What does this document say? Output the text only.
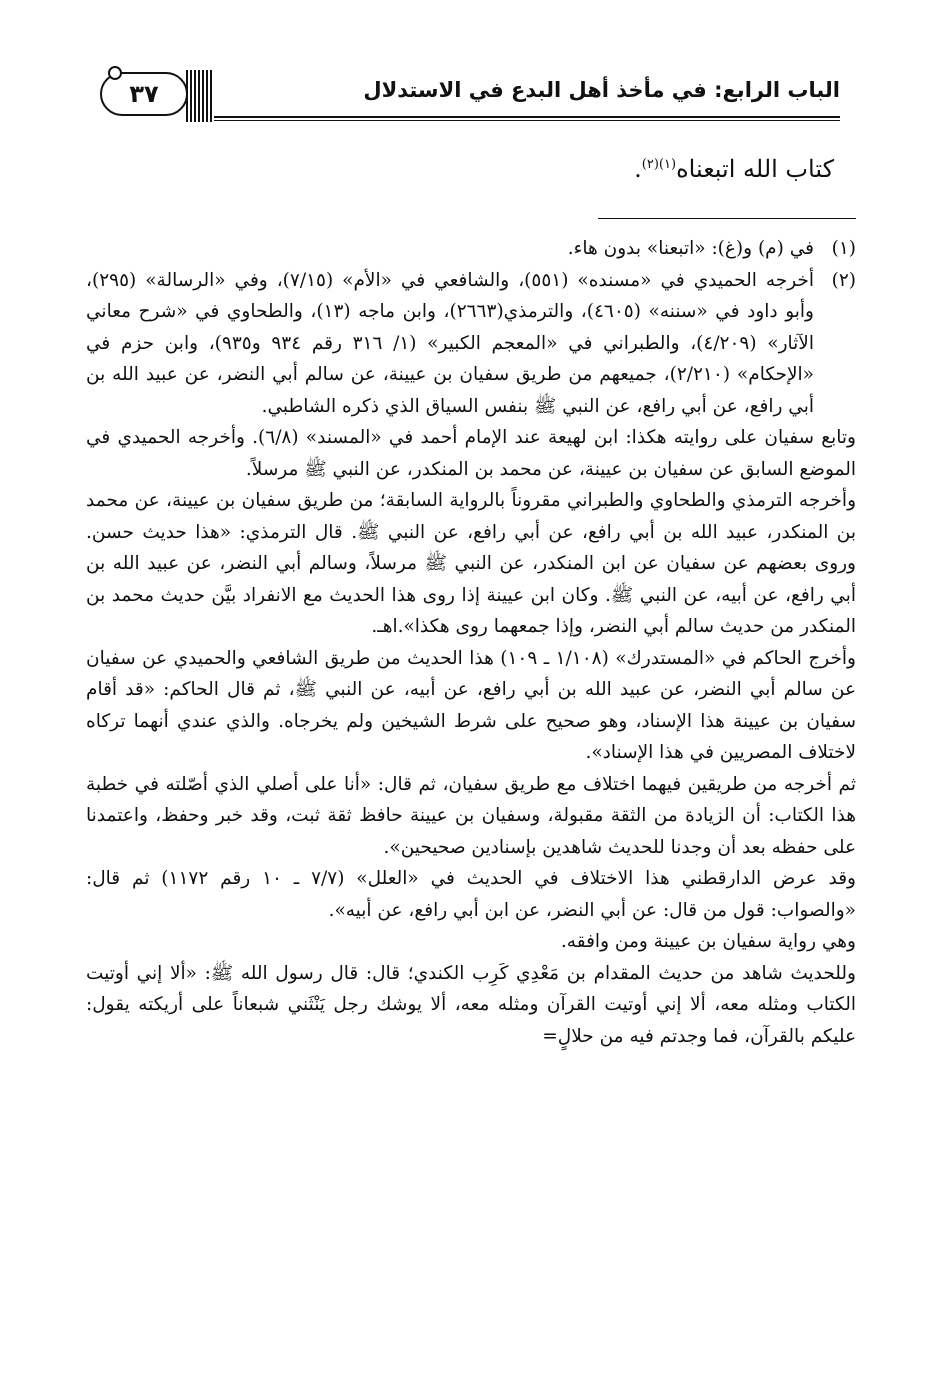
الباب الرابع: في مأخذ أهل البدع في الاستدلال
٣٧
كتاب الله اتبعناه$^{(١)(٢)}$.
(١)

في (م) و(غ): «اتبعنا» بدون هاء.

(٢)

أخرجه الحميدي في «مسنده» (٥٥١)، والشافعي في «الأم» (٧/١٥)، وفي «الرسالة» (٢٩٥)، وأبو داود في «سننه» (٤٦٠٥)، والترمذي(٢٦٦٣)، وابن ماجه (١٣)، والطحاوي في «شرح معاني الآثار» (٤/٢٠٩)، والطبراني في «المعجم الكبير» (١/ ٣١٦ رقم ٩٣٤ و٩٣٥)، وابن حزم في «الإحكام» (٢/٢١٠)، جميعهم من طريق سفيان بن عيينة، عن سالم أبي النضر، عن عبيد الله بن أبي رافع، عن أبي رافع، عن النبي ﷺ بنفس السياق الذي ذكره الشاطبي.

وتابع سفيان على روايته هكذا: ابن لهيعة عند الإمام أحمد في «المسند» (٦/٨). وأخرجه الحميدي في الموضع السابق عن سفيان بن عيينة، عن محمد بن المنكدر، عن النبي ﷺ مرسلاً.

وأخرجه الترمذي والطحاوي والطبراني مقروناً بالرواية السابقة؛ من طريق سفيان بن عيينة، عن محمد بن المنكدر، عبيد الله بن أبي رافع، عن أبي رافع، عن النبي ﷺ. قال الترمذي: «هذا حديث حسن. وروى بعضهم عن سفيان عن ابن المنكدر، عن النبي ﷺ مرسلاً، وسالم أبي النضر، عن عبيد الله بن أبي رافع، عن أبيه، عن النبي ﷺ. وكان ابن عيينة إذا روى هذا الحديث مع الانفراد بيَّن حديث محمد بن المنكدر من حديث سالم أبي النضر، وإذا جمعهما روى هكذا».اهـ.

وأخرج الحاكم في «المستدرك» (١/١٠٨ ـ ١٠٩) هذا الحديث من طريق الشافعي والحميدي عن سفيان عن سالم أبي النضر، عن عبيد الله بن أبي رافع، عن أبيه، عن النبي ﷺ، ثم قال الحاكم: «قد أقام سفيان بن عيينة هذا الإسناد، وهو صحيح على شرط الشيخين ولم يخرجاه. والذي عندي أنهما تركاه لاختلاف المصريين في هذا الإسناد».

ثم أخرجه من طريقين فيهما اختلاف مع طريق سفيان، ثم قال: «أنا على أصلي الذي أصّلته في خطبة هذا الكتاب: أن الزيادة من الثقة مقبولة، وسفيان بن عيينة حافظ ثقة ثبت، وقد خبر وحفظ، واعتمدنا على حفظه بعد أن وجدنا للحديث شاهدين بإسنادين صحيحين».

وقد عرض الدارقطني هذا الاختلاف في الحديث في «العلل» (٧/٧ ـ ١٠ رقم ١١٧٢) ثم قال: «والصواب: قول من قال: عن أبي النضر، عن ابن أبي رافع، عن أبيه».

وهي رواية سفيان بن عيينة ومن وافقه.

وللحديث شاهد من حديث المقدام بن مَعْدِي كَرِب الكندي؛ قال: قال رسول الله ﷺ: «ألا إني أوتيت الكتاب ومثله معه، ألا إني أوتيت القرآن ومثله معه، ألا يوشك رجل يَنْثَني شبعاناً على أريكته يقول: عليكم بالقرآن، فما وجدتم فيه من حلالٍ=
